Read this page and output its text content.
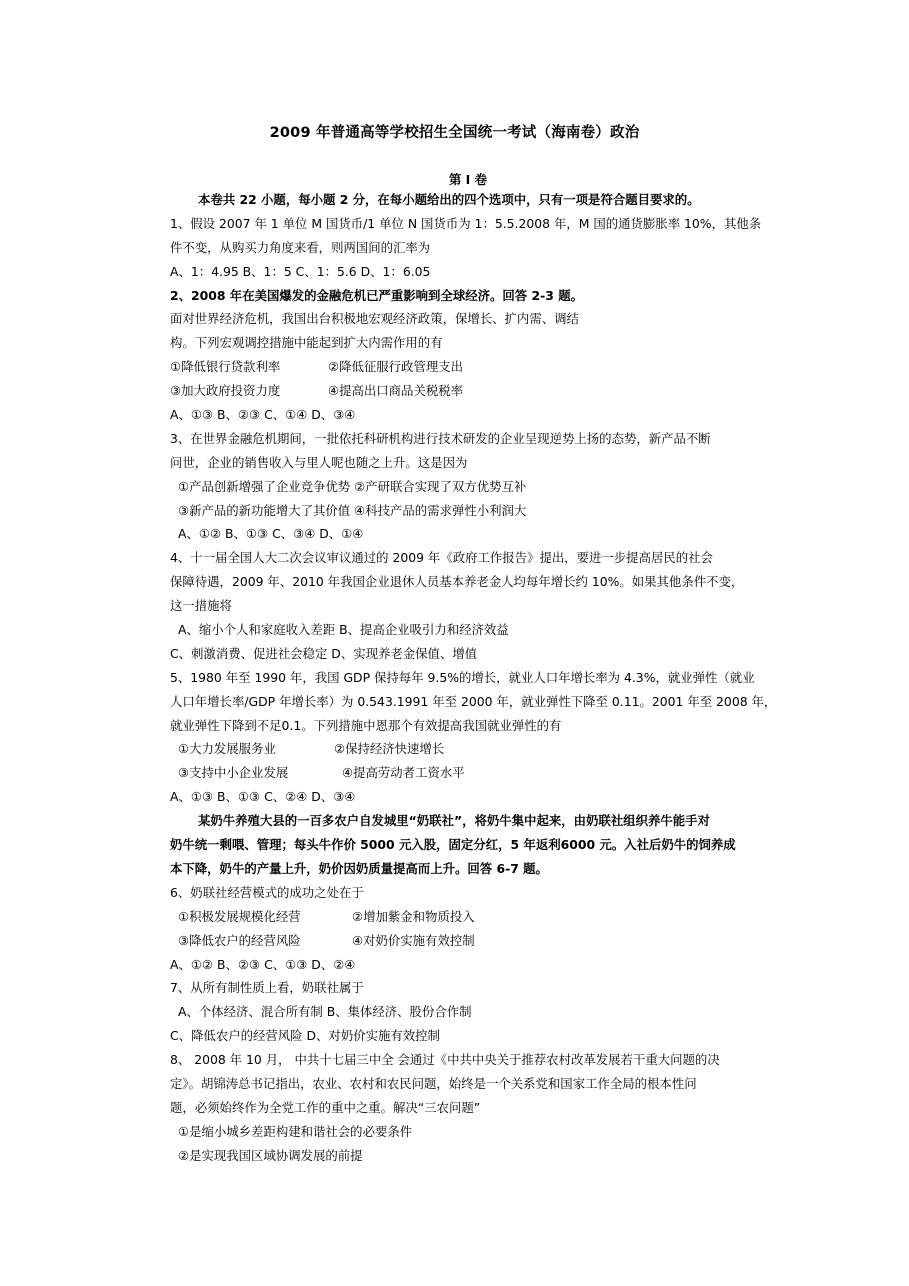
2009 年普通高等学校招生全国统一考试（海南卷）政治
第 I 卷
本卷共 22 小题，每小题 2 分，在每小题给出的四个选项中，只有一项是符合题目要求的。
1、假设 2007 年 1 单位 M 国货币/1 单位 N 国货币为 1：5.5.2008 年，M 国的通货膨胀率 10%，其他条
件不变，从购买力角度来看，则两国间的汇率为
A、1：4.95 B、1：5 C、1：5.6 D、1：6.05
2、2008 年在美国爆发的金融危机已严重影响到全球经济。回答 2-3 题。
面对世界经济危机，我国出台积极地宏观经济政策，保增长、扩内需、调结
构。下列宏观调控措施中能起到扩大内需作用的有
①降低银行贷款利率	②降低征服行政管理支出
③加大政府投资力度	④提高出口商品关税税率
A、①③ B、②③ C、①④ D、③④
3、在世界金融危机期间，一批依托科研机构进行技术研发的企业呈现逆势上扬的态势，新产品不断
问世，企业的销售收入与里人呢也随之上升。这是因为
①产品创新增强了企业竞争优势 ②产研联合实现了双方优势互补
③新产品的新功能增大了其价值 ④科技产品的需求弹性小利润大
A、①② B、①③ C、③④ D、①④
4、十一届全国人大二次会议审议通过的 2009 年《政府工作报告》提出，要进一步提高居民的社会
保障待遇，2009 年、2010 年我国企业退休人员基本养老金人均每年增长约 10%。如果其他条件不变，
这一措施将
A、缩小个人和家庭收入差距 B、提高企业吸引力和经济效益
C、刺激消费、促进社会稳定 D、实现养老金保值、增值
5、1980 年至 1990 年，我国 GDP 保持每年 9.5%的增长，就业人口年增长率为 4.3%，就业弹性（就业
人口年增长率/GDP 年增长率）为 0.543.1991 年至 2000 年，就业弹性下降至 0.11。2001 年至 2008 年，
就业弹性下降到不足0.1。下列措施中恩那个有效提高我国就业弹性的有
①大力发展服务业	②保持经济快速增长
③支持中小企业发展	④提高劳动者工资水平
A、①③ B、①③ C、②④ D、③④
某奶牛养殖大县的一百多农户自发城里“奶联社”，将奶牛集中起来，由奶联社组织养牛能手对
奶牛统一剩喂、管理；每头牛作价 5000 元入股，固定分红，5 年返利6000 元。入社后奶牛的饲养成
本下降，奶牛的产量上升，奶价因奶质量提高而上升。回答 6-7 题。
6、奶联社经营模式的成功之处在于
①积极发展规模化经营	②增加紫金和物质投入
③降低农户的经营风险	④对奶价实施有效控制
A、①② B、②③ C、①③ D、②④
7、从所有制性质上看，奶联社属于
A、个体经济、混合所有制 B、集体经济、股份合作制
C、降低农户的经营风险 D、对奶价实施有效控制
8、 2008 年 10 月， 中共十七届三中全 会通过《中共中央关于推荐农村改革发展若干重大问题的决
定》。胡锦涛总书记指出，农业、农村和农民问题，始终是一个关系党和国家工作全局的根本性问
题，必须始终作为全党工作的重中之重。解决“三农问题”
①是缩小城乡差距构建和谐社会的必要条件
②是实现我国区域协调发展的前提
